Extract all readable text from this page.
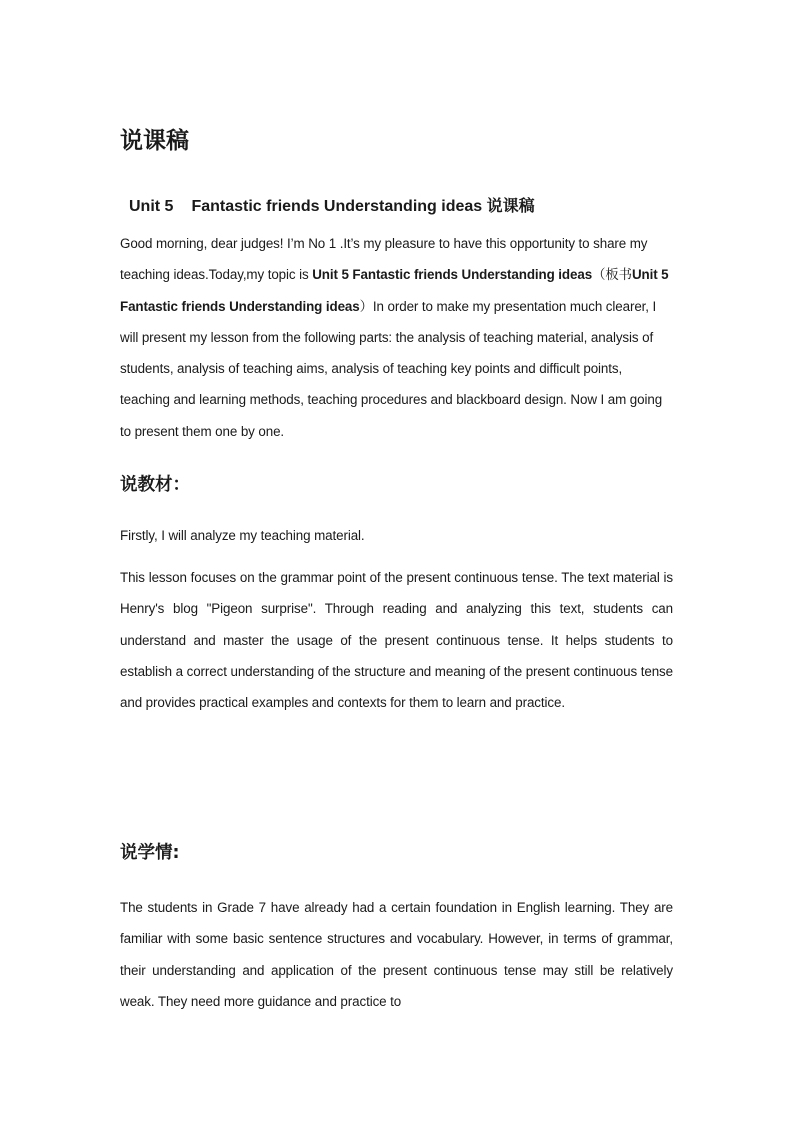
说课稿

Unit 5 Fantastic friends Understanding ideas 说课稿

Good morning, dear judges! I’m No 1 .It’s my pleasure to have this opportunity to share my teaching ideas.Today,my topic is Unit 5 Fantastic friends Understanding ideas（板书Unit 5 Fantastic friends Understanding ideas）In order to make my presentation much clearer, I will present my lesson from the following parts: the analysis of teaching material, analysis of students, analysis of teaching aims, analysis of teaching key points and difficult points, teaching and learning methods, teaching procedures and blackboard design. Now I am going to present them one by one.

说教材：

Firstly, I will analyze my teaching material.

This lesson focuses on the grammar point of the present continuous tense. The text material is Henry's blog "Pigeon surprise". Through reading and analyzing this text, students can understand and master the usage of the present continuous tense. It helps students to establish a correct understanding of the structure and meaning of the present continuous tense and provides practical examples and contexts for them to learn and practice.

说学情:

The students in Grade 7 have already had a certain foundation in English learning. They are familiar with some basic sentence structures and vocabulary. However, in terms of grammar, their understanding and application of the present continuous tense may still be relatively weak. They need more guidance and practice to
